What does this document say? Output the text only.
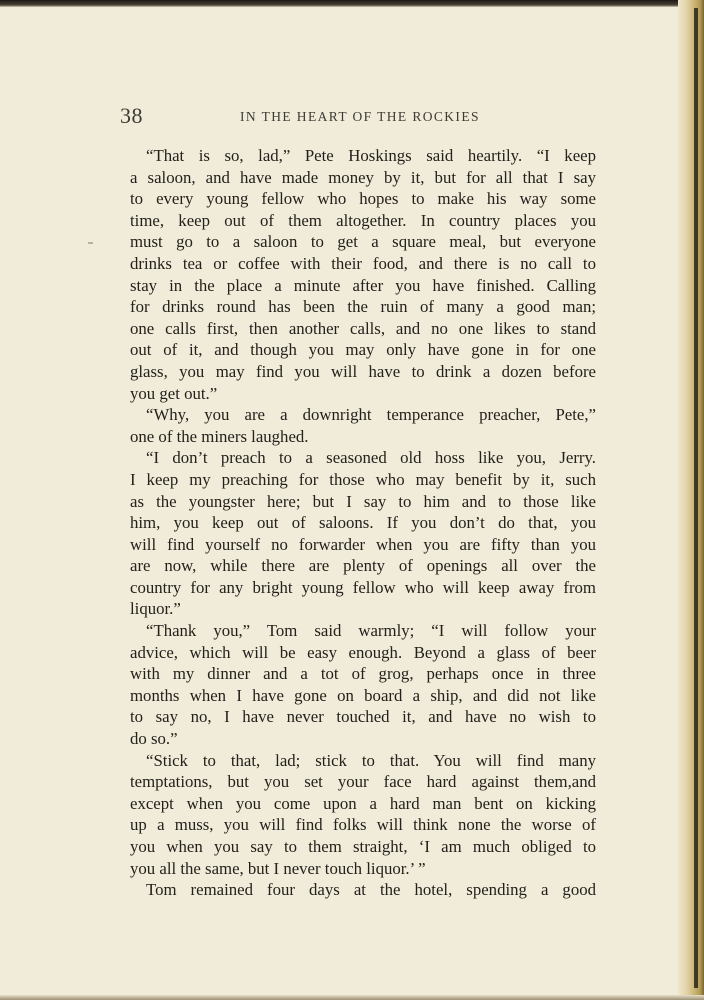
38	IN THE HEART OF THE ROCKIES
“That is so, lad,” Pete Hoskings said heartily. “I keep
a saloon, and have made money by it, but for all that I say
to every young fellow who hopes to make his way some
time, keep out of them altogether. In country places you
must go to a saloon to get a square meal, but everyone
drinks tea or coffee with their food, and there is no call to
stay in the place a minute after you have finished. Calling
for drinks round has been the ruin of many a good man;
one calls first, then another calls, and no one likes to stand
out of it, and though you may only have gone in for one
glass, you may find you will have to drink a dozen before
you get out.”
“Why, you are a downright temperance preacher, Pete,”
one of the miners laughed.
“I don’t preach to a seasoned old hoss like you, Jerry.
I keep my preaching for those who may benefit by it, such
as the youngster here; but I say to him and to those like
him, you keep out of saloons. If you don’t do that, you
will find yourself no forwarder when you are fifty than you
are now, while there are plenty of openings all over the
country for any bright young fellow who will keep away from
liquor.”
“Thank you,” Tom said warmly; “I will follow your
advice, which will be easy enough. Beyond a glass of beer
with my dinner and a tot of grog, perhaps once in three
months when I have gone on board a ship, and did not like
to say no, I have never touched it, and have no wish to
do so.”
“Stick to that, lad; stick to that. You will find many
temptations, but you set your face hard against them,and
except when you come upon a hard man bent on kicking
up a muss, you will find folks will think none the worse of
you when you say to them straight, ‘I am much obliged to
you all the same, but I never touch liquor.’ ”
Tom remained four days at the hotel, spending a good
